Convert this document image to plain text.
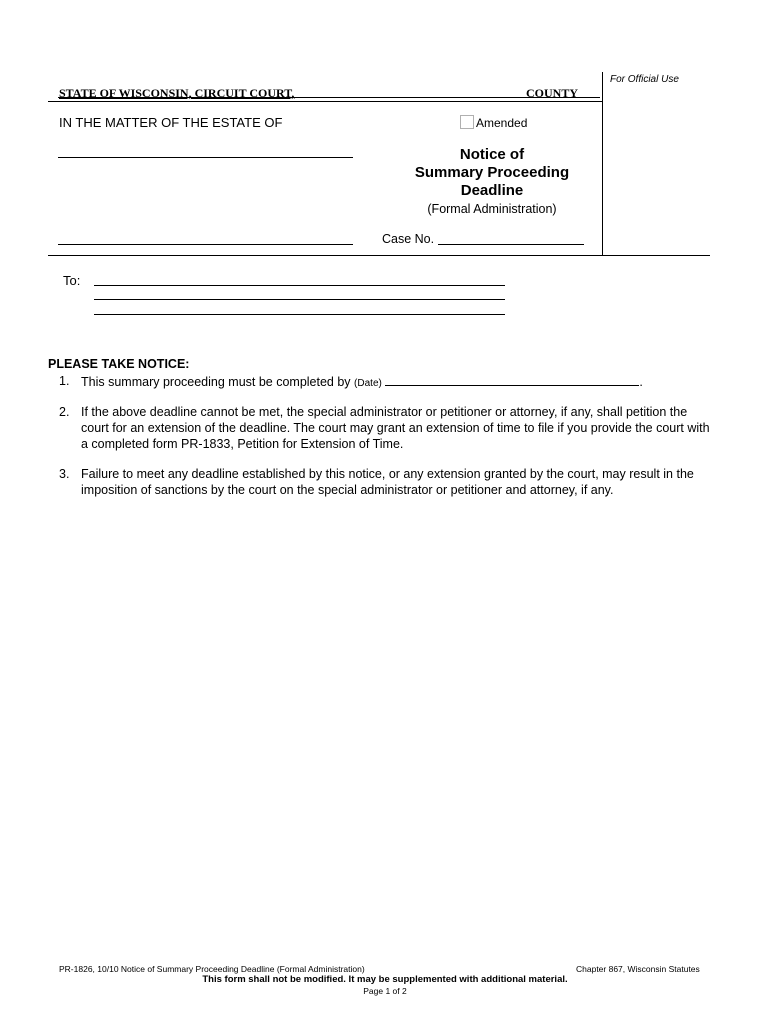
For Official Use
STATE OF WISCONSIN, CIRCUIT COURT,	COUNTY
IN THE MATTER OF THE ESTATE OF	Amended
Notice of
Summary Proceeding
Deadline
(Formal Administration)
Case No.
To:
PLEASE TAKE NOTICE:
1. This summary proceeding must be completed by (Date)	.
2. If the above deadline cannot be met, the special administrator or petitioner or attorney, if any, shall petition the court for an extension of the deadline. The court may grant an extension of time to file if you provide the court with a completed form PR-1833, Petition for Extension of Time.
3. Failure to meet any deadline established by this notice, or any extension granted by the court, may result in the imposition of sanctions by the court on the special administrator or petitioner and attorney, if any.
PR-1826, 10/10 Notice of Summary Proceeding Deadline (Formal Administration)	Chapter 867, Wisconsin Statutes
This form shall not be modified. It may be supplemented with additional material.
Page 1 of 2
